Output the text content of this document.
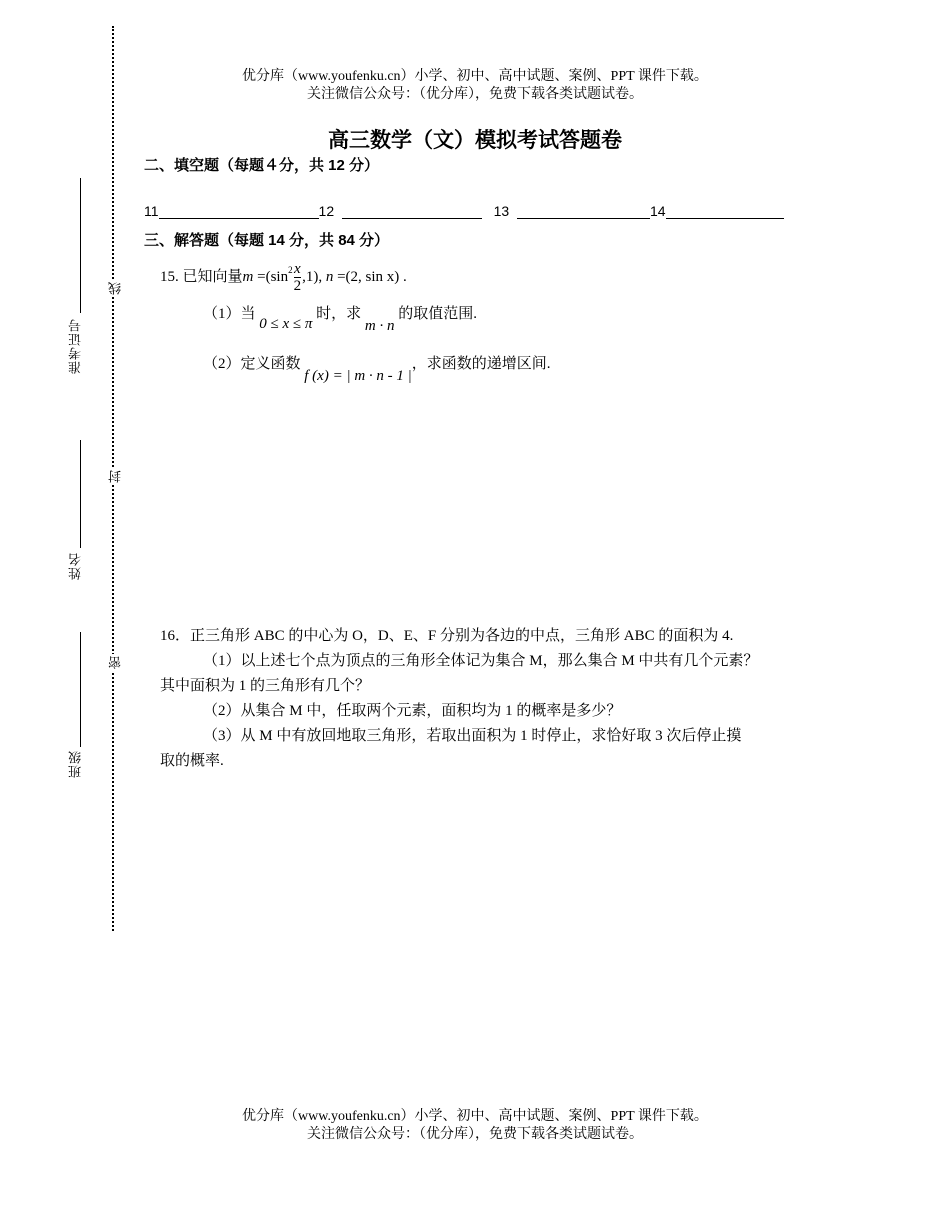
优分库（www.youfenku.cn）小学、初中、高中试题、案例、PPT 课件下载。
关注微信公众号：（优分库），免费下载各类试题试卷。
准考证号
姓名
班级
线
封
密
高三数学（文）模拟考试答题卷
二、填空题（每题４分，共 12 分）
11	12	13	14
三、解答题（每题 14 分，共 84 分）
15. 已知向量$m =(\sin^2 \frac{x}{2} ,1)$, n =(2, sin x) .
（1）当 0 ≤ x ≤ π 时，求 m · n 的取值范围.
（2）定义函数 f (x) = | m · n - 1 |，求函数的递增区间.
16．正三角形 ABC 的中心为 O，D、E、F 分别为各边的中点，三角形 ABC 的面积为 4.
（1）以上述七个点为顶点的三角形全体记为集合 M，那么集合 M 中共有几个元素？
其中面积为 1 的三角形有几个？
（2）从集合 M 中，任取两个元素，面积均为 1 的概率是多少？
（3）从 M 中有放回地取三角形，若取出面积为 1 时停止，求恰好取 3 次后停止摸
取的概率.
优分库（www.youfenku.cn）小学、初中、高中试题、案例、PPT 课件下载。
关注微信公众号：（优分库），免费下载各类试题试卷。
